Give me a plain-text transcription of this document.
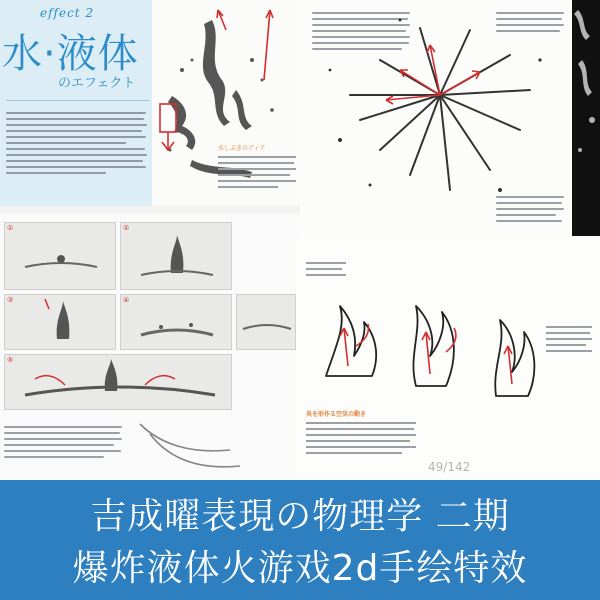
effect 2
水·液体
のエフェクト
水しぶきのディテ
①	②
③	④
⑤
炎を形作る空気の動き
49/142
吉成曜表現の物理学 二期
爆炸液体火游戏2d手绘特效
